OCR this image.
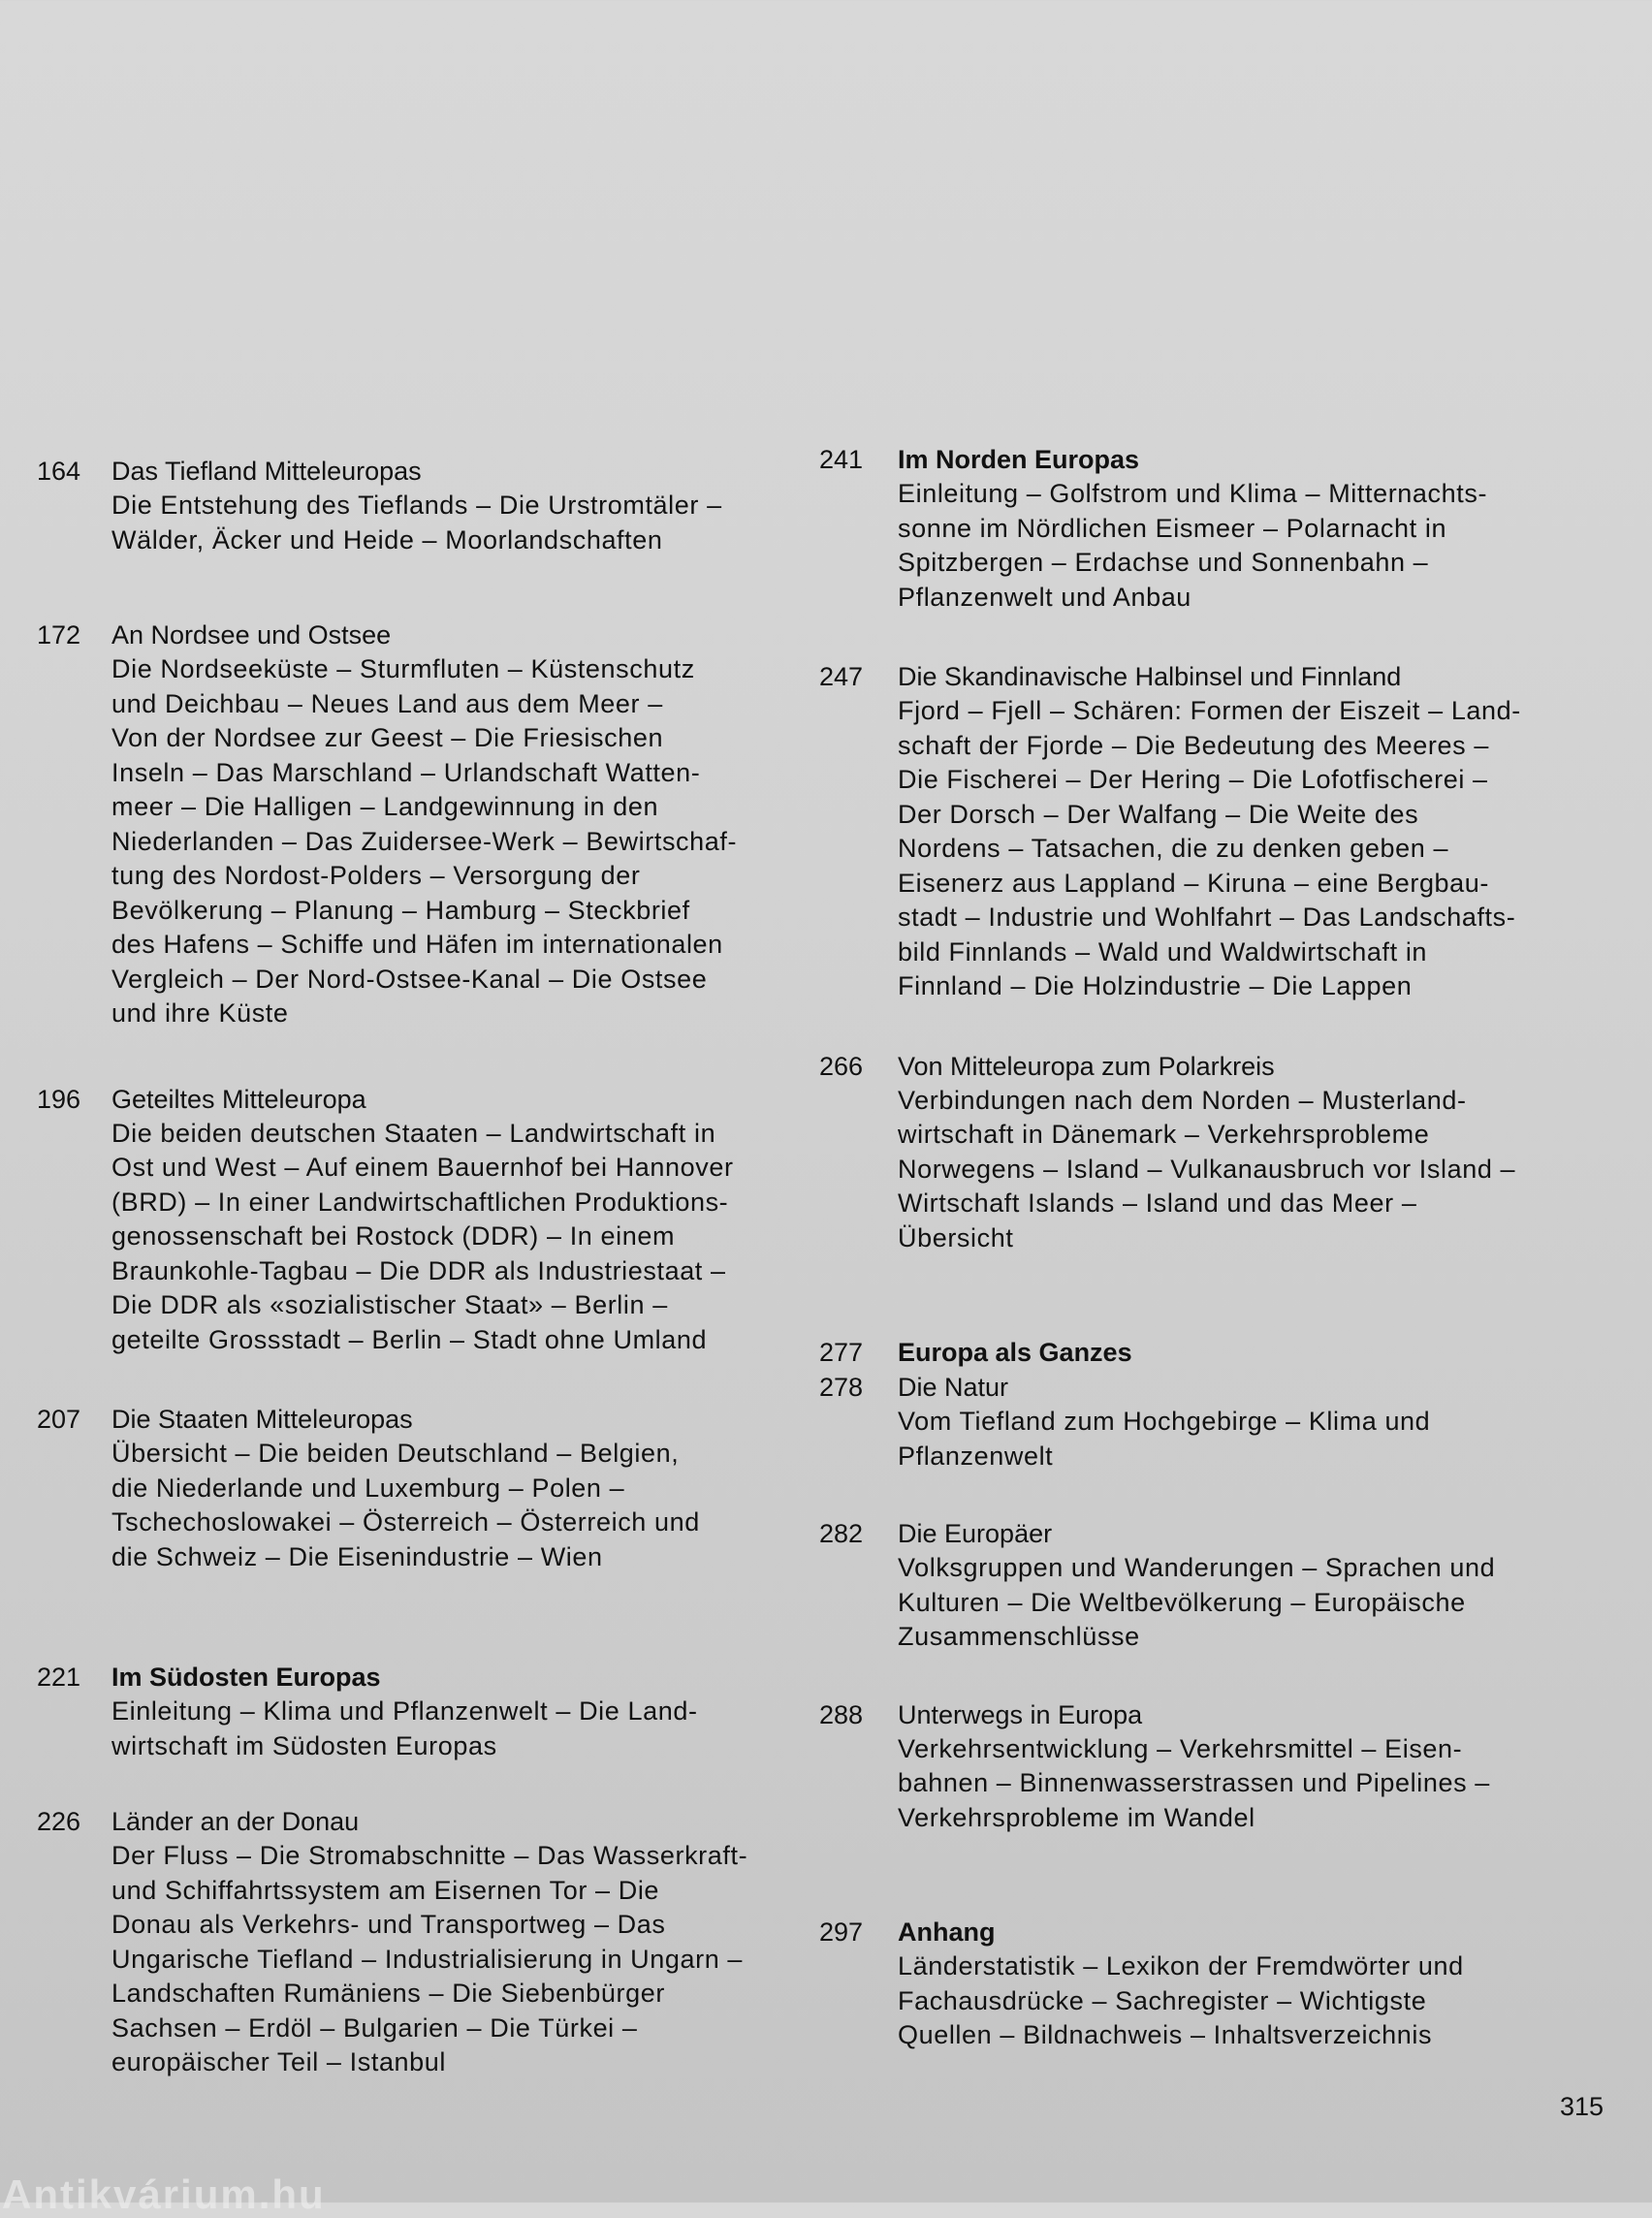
164	Das Tiefland Mitteleuropas
Die Entstehung des Tieflands – Die Urstromtäler –
Wälder, Äcker und Heide – Moorlandschaften
172	An Nordsee und Ostsee
Die Nordseeküste – Sturmfluten – Küstenschutz
und Deichbau – Neues Land aus dem Meer –
Von der Nordsee zur Geest – Die Friesischen
Inseln – Das Marschland – Urlandschaft Watten-
meer – Die Halligen – Landgewinnung in den
Niederlanden – Das Zuidersee-Werk – Bewirtschaf-
tung des Nordost-Polders – Versorgung der
Bevölkerung – Planung – Hamburg – Steckbrief
des Hafens – Schiffe und Häfen im internationalen
Vergleich – Der Nord-Ostsee-Kanal – Die Ostsee
und ihre Küste
196	Geteiltes Mitteleuropa
Die beiden deutschen Staaten – Landwirtschaft in
Ost und West – Auf einem Bauernhof bei Hannover
(BRD) – In einer Landwirtschaftlichen Produktions-
genossenschaft bei Rostock (DDR) – In einem
Braunkohle-Tagbau – Die DDR als Industriestaat –
Die DDR als «sozialistischer Staat» – Berlin –
geteilte Grossstadt – Berlin – Stadt ohne Umland
207	Die Staaten Mitteleuropas
Übersicht – Die beiden Deutschland – Belgien,
die Niederlande und Luxemburg – Polen –
Tschechoslowakei – Österreich – Österreich und
die Schweiz – Die Eisenindustrie – Wien
221	Im Südosten Europas
Einleitung – Klima und Pflanzenwelt – Die Land-
wirtschaft im Südosten Europas
226	Länder an der Donau
Der Fluss – Die Stromabschnitte – Das Wasserkraft-
und Schiffahrtssystem am Eisernen Tor – Die
Donau als Verkehrs- und Transportweg – Das
Ungarische Tiefland – Industrialisierung in Ungarn –
Landschaften Rumäniens – Die Siebenbürger
Sachsen – Erdöl – Bulgarien – Die Türkei –
europäischer Teil – Istanbul
241	Im Norden Europas
Einleitung – Golfstrom und Klima – Mitternachts-
sonne im Nördlichen Eismeer – Polarnacht in
Spitzbergen – Erdachse und Sonnenbahn –
Pflanzenwelt und Anbau
247	Die Skandinavische Halbinsel und Finnland
Fjord – Fjell – Schären: Formen der Eiszeit – Land-
schaft der Fjorde – Die Bedeutung des Meeres –
Die Fischerei – Der Hering – Die Lofotfischerei –
Der Dorsch – Der Walfang – Die Weite des
Nordens – Tatsachen, die zu denken geben –
Eisenerz aus Lappland – Kiruna – eine Bergbau-
stadt – Industrie und Wohlfahrt – Das Landschafts-
bild Finnlands – Wald und Waldwirtschaft in
Finnland – Die Holzindustrie – Die Lappen
266	Von Mitteleuropa zum Polarkreis
Verbindungen nach dem Norden – Musterland-
wirtschaft in Dänemark – Verkehrsprobleme
Norwegens – Island – Vulkanausbruch vor Island –
Wirtschaft Islands – Island und das Meer –
Übersicht
277	Europa als Ganzes
278	Die Natur
Vom Tiefland zum Hochgebirge – Klima und
Pflanzenwelt
282	Die Europäer
Volksgruppen und Wanderungen – Sprachen und
Kulturen – Die Weltbevölkerung – Europäische
Zusammenschlüsse
288	Unterwegs in Europa
Verkehrsentwicklung – Verkehrsmittel – Eisen-
bahnen – Binnenwasserstrassen und Pipelines –
Verkehrsprobleme im Wandel
297	Anhang
Länderstatistik – Lexikon der Fremdwörter und
Fachausdrücke – Sachregister – Wichtigste
Quellen – Bildnachweis – Inhaltsverzeichnis
315
Antikvárium.hu
